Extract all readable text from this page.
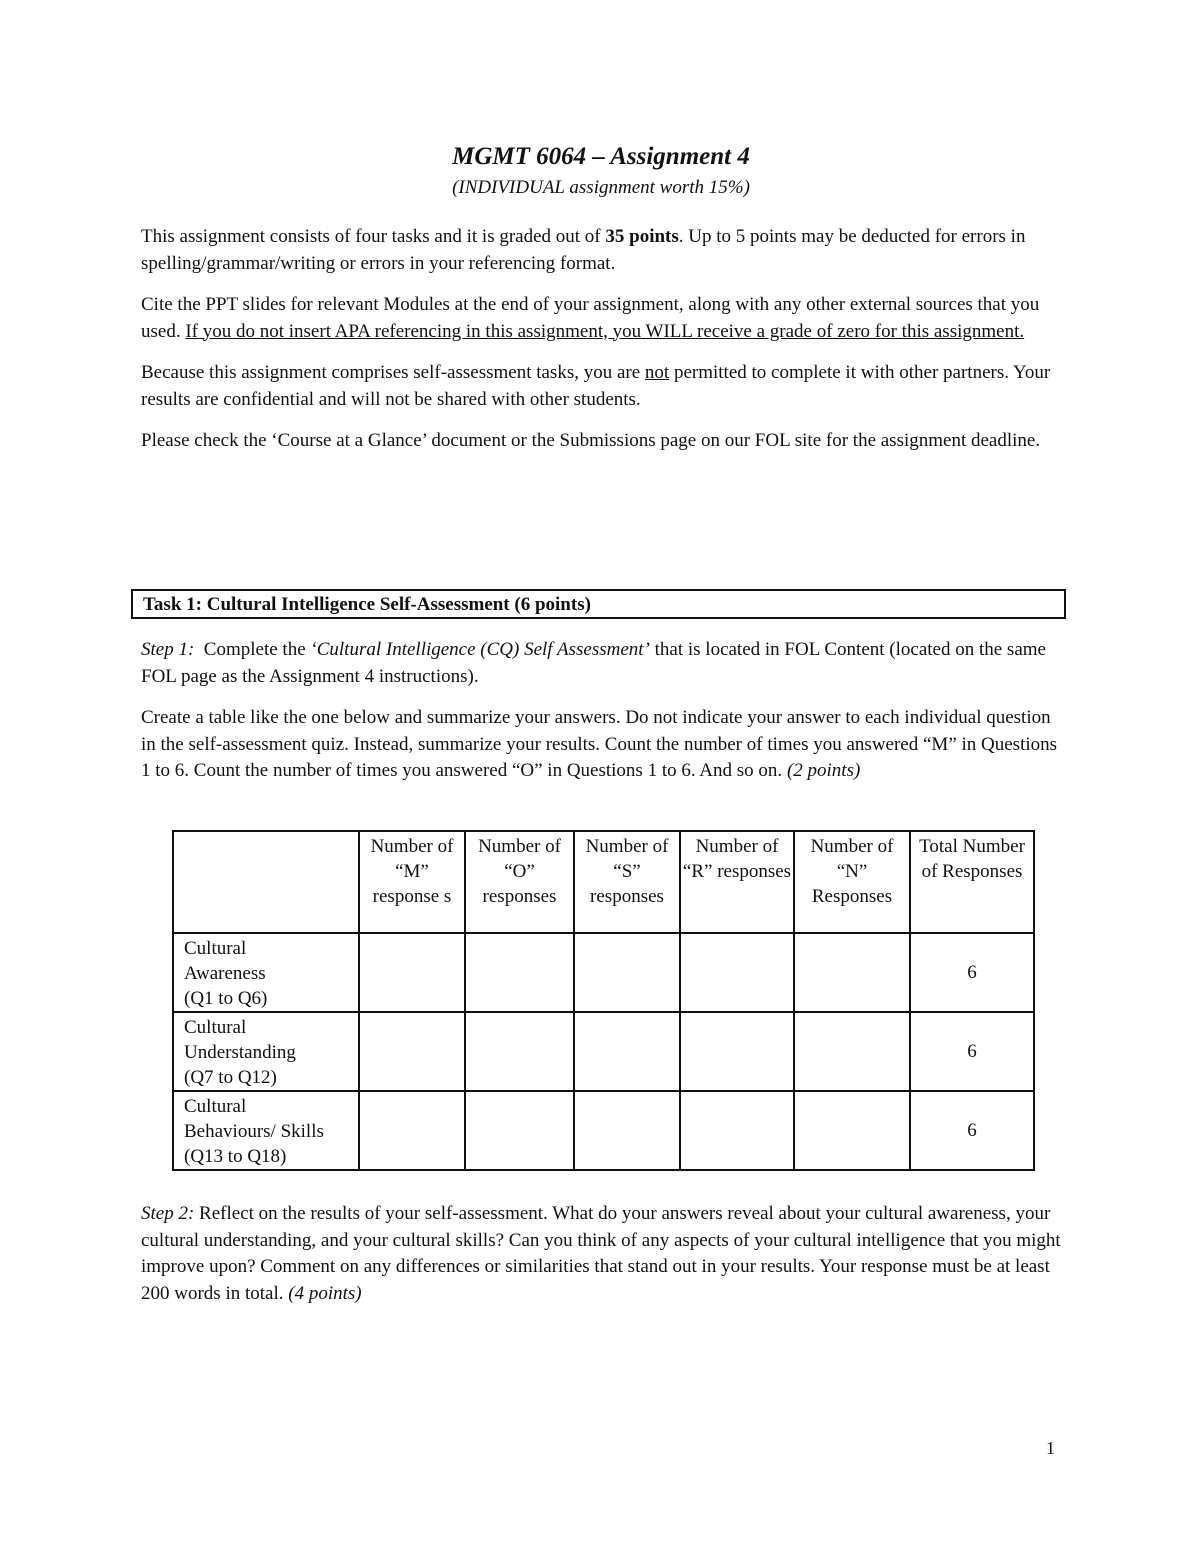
MGMT 6064 – Assignment 4
(INDIVIDUAL assignment worth 15%)

This assignment consists of four tasks and it is graded out of 35 points. Up to 5 points may be deducted for errors in spelling/grammar/writing or errors in your referencing format.

Cite the PPT slides for relevant Modules at the end of your assignment, along with any other external sources that you used. If you do not insert APA referencing in this assignment, you WILL receive a grade of zero for this assignment.

Because this assignment comprises self-assessment tasks, you are not permitted to complete it with other partners. Your results are confidential and will not be shared with other students.

Please check the ‘Course at a Glance’ document or the Submissions page on our FOL site for the assignment deadline.

Task 1: Cultural Intelligence Self-Assessment (6 points)

Step 1:  Complete the ‘Cultural Intelligence (CQ) Self Assessment’ that is located in FOL Content (located on the same FOL page as the Assignment 4 instructions).

Create a table like the one below and summarize your answers. Do not indicate your answer to each individual question in the self-assessment quiz. Instead, summarize your results. Count the number of times you answered “M” in Questions 1 to 6. Count the number of times you answered “O” in Questions 1 to 6. And so on. (2 points)

	Number of “M” response s	Number of “O” responses	Number of “S” responses	Number of “R” responses	Number of “N” Responses	Total Number of Responses
Cultural
Awareness
(Q1 to Q6)						6
Cultural
Understanding
(Q7 to Q12)						6
Cultural
Behaviours/ Skills
(Q13 to Q18)						6

Step 2: Reflect on the results of your self-assessment. What do your answers reveal about your cultural awareness, your cultural understanding, and your cultural skills? Can you think of any aspects of your cultural intelligence that you might improve upon? Comment on any differences or similarities that stand out in your results. Your response must be at least 200 words in total. (4 points)

1
